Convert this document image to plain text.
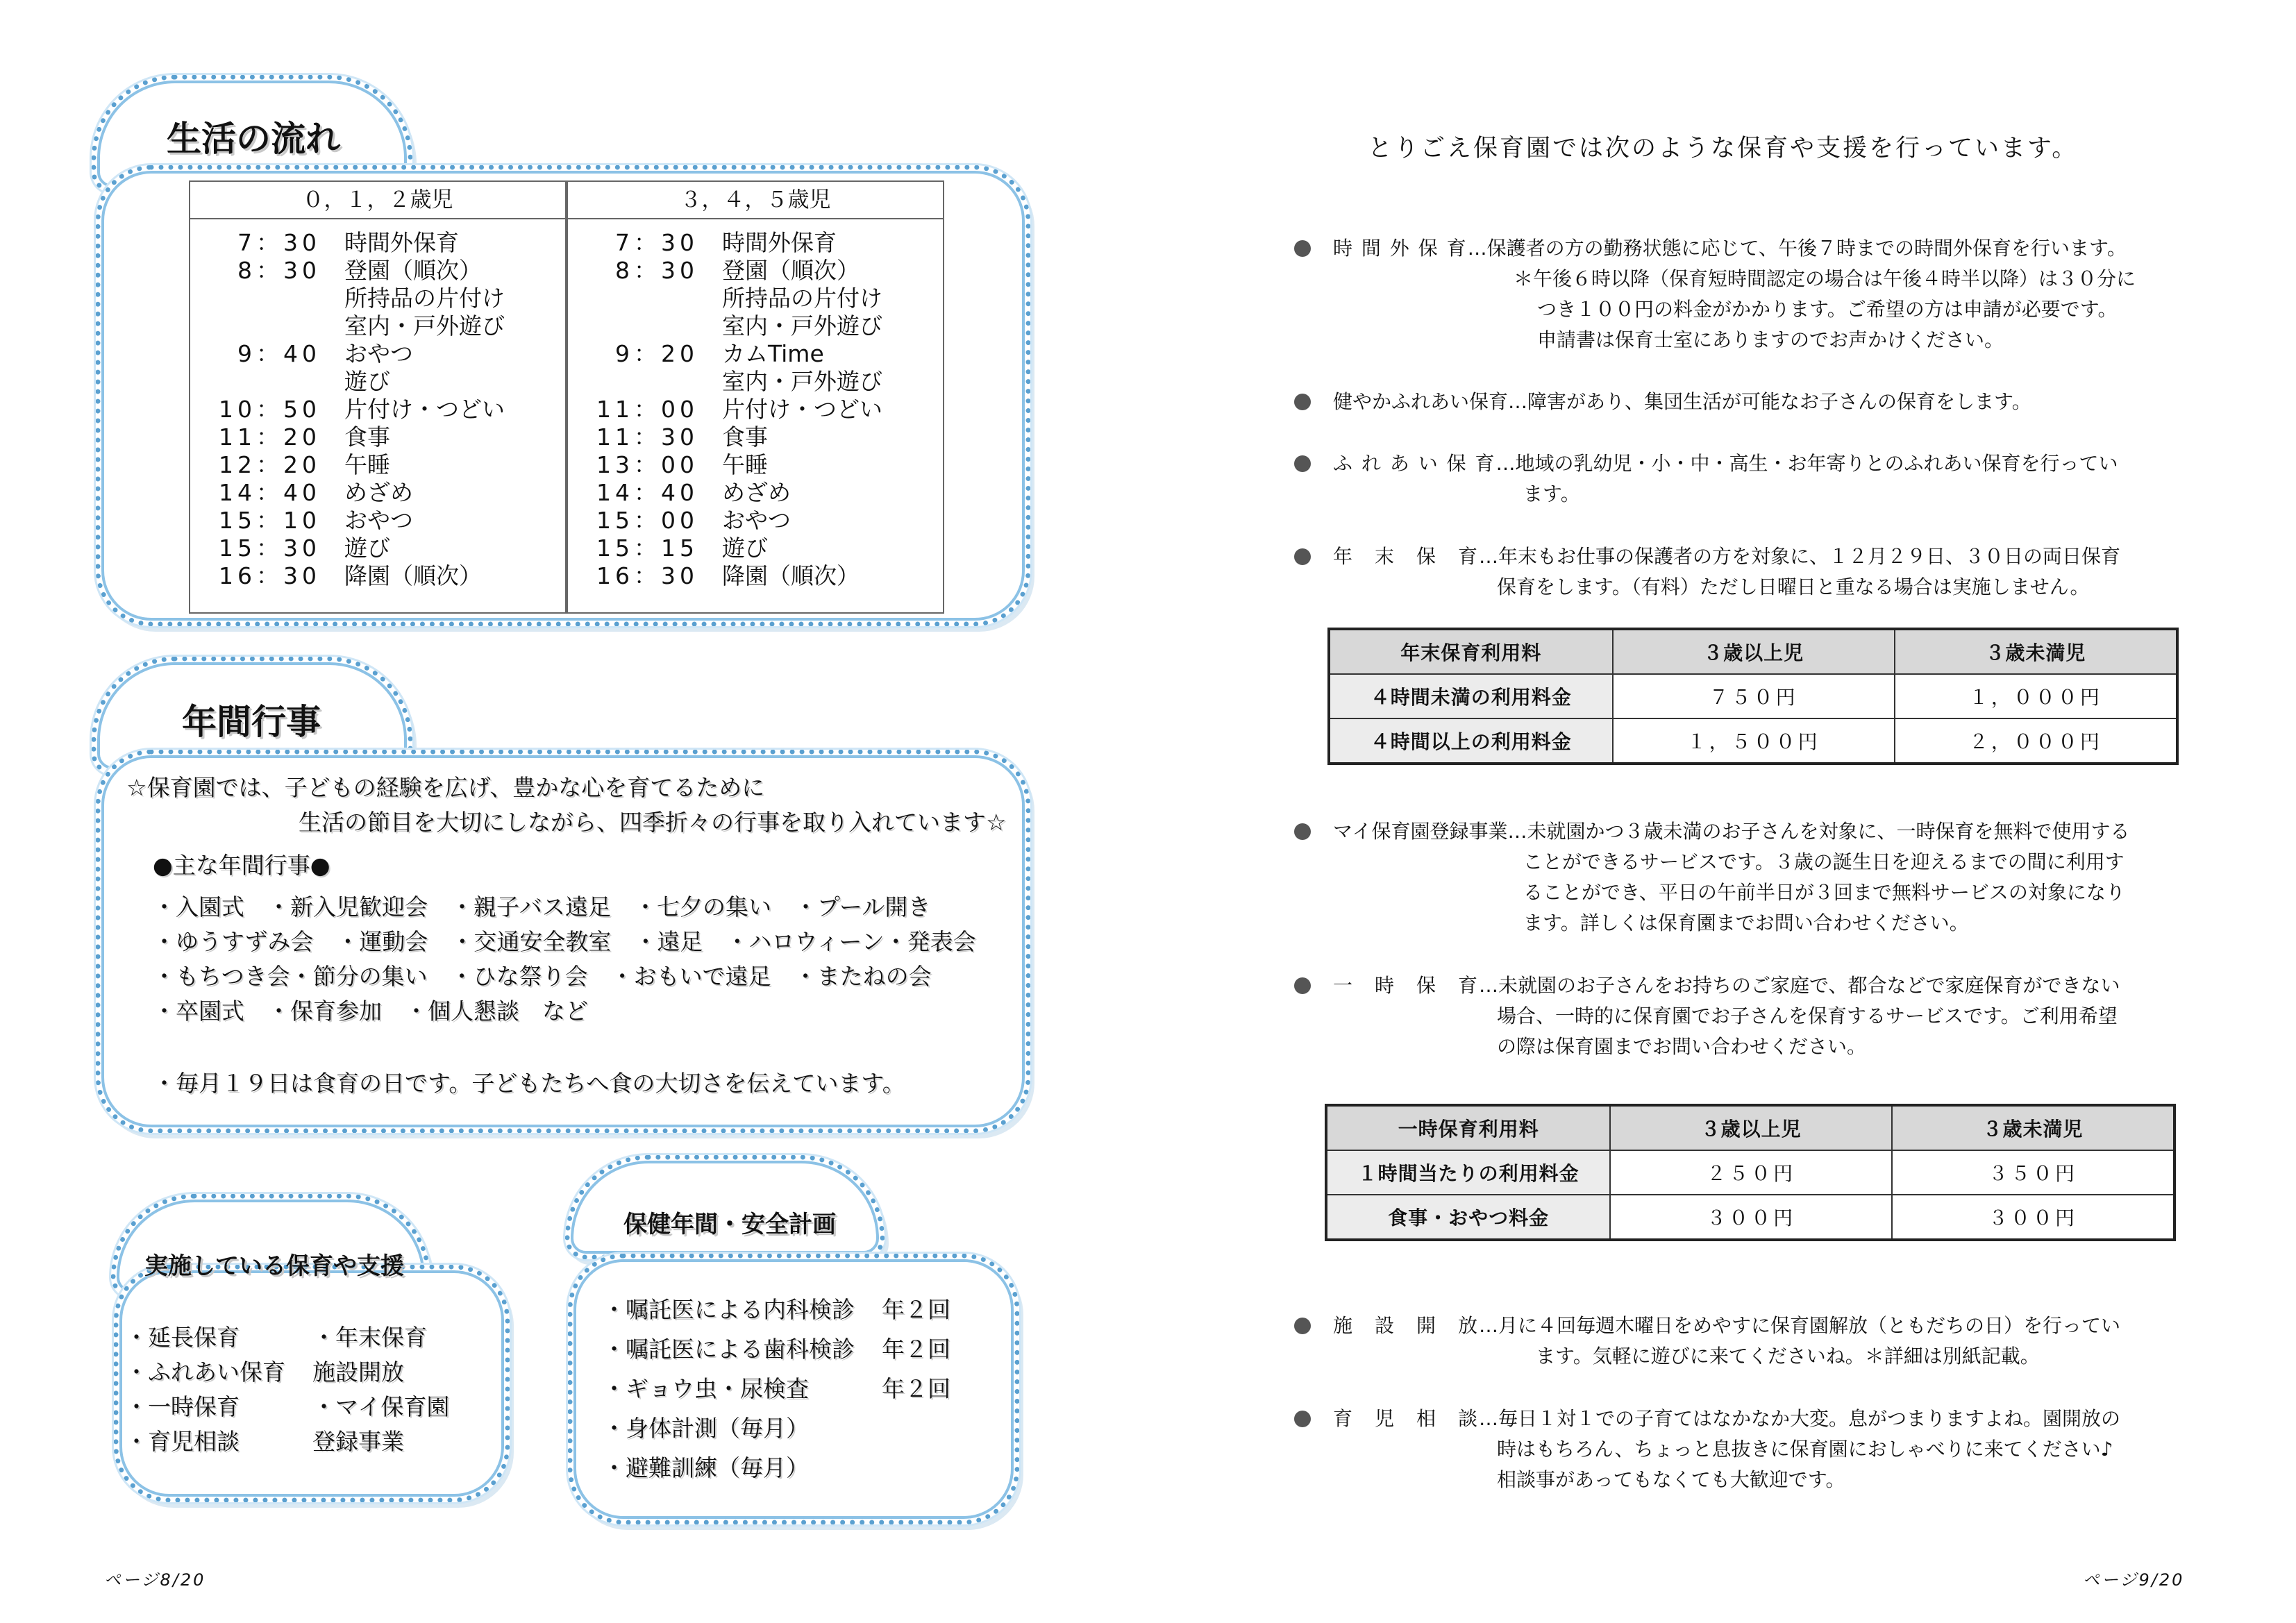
生活の流れ
０，１，２歳児
7：30	時間外保育
8：30	登園（順次）
所持品の片付け
室内・戸外遊び
9：40	おやつ
遊び
10：50	片付け・つどい
11：20	食事
12：20	午睡
14：40	めざめ
15：10	おやつ
15：30	遊び
16：30	降園（順次）
３，４，５歳児
7：30	時間外保育
8：30	登園（順次）
所持品の片付け
室内・戸外遊び
9：20	カムTime
室内・戸外遊び
11：00	片付け・つどい
11：30	食事
13：00	午睡
14：40	めざめ
15：00	おやつ
15：15	遊び
16：30	降園（順次）
年間行事
☆保育園では、子どもの経験を広げ、豊かな心を育てるために
生活の節目を大切にしながら、四季折々の行事を取り入れています☆
●主な年間行事●
・入園式　・新入児歓迎会　・親子バス遠足　・七夕の集い　・プール開き
・ゆうすずみ会　・運動会　・交通安全教室　・遠足　・ハロウィーン・発表会
・もちつき会・節分の集い　・ひな祭り会　・おもいで遠足　・またねの会
・卒園式　・保育参加　・個人懇談　など
・毎月１９日は食育の日です。子どもたちへ食の大切さを伝えています。
実施している保育や支援
・延長保育
・ふれあい保育
・一時保育
・育児相談
・年末保育
施設開放
・マイ保育園
登録事業
保健年間・安全計画
・嘱託医による内科検診	年２回
・嘱託医による歯科検診	年２回
・ギョウ虫・尿検査	年２回
・身体計測（毎月）
・避難訓練（毎月）
ページ8/20
とりごえ保育園では次のような保育や支援を行っています。
時 間 外 保 育…保護者の方の勤務状態に応じて、午後７時までの時間外保育を行います。
＊午後６時以降（保育短時間認定の場合は午後４時半以降）は３０分に
つき１００円の料金がかかります。ご希望の方は申請が必要です。
申請書は保育士室にありますのでお声かけください。
健やかふれあい保育…障害があり、集団生活が可能なお子さんの保育をします。
ふ れ あ い 保 育…地域の乳幼児・小・中・高生・お年寄りとのふれあい保育を行ってい
ます。
年　末　保　育…年末もお仕事の保護者の方を対象に、１２月２９日、３０日の両日保育
保育をします。（有料）ただし日曜日と重なる場合は実施しません。
年末保育利用料	３歳以上児	３歳未満児
４時間未満の利用料金	７５０円	１，０００円
４時間以上の利用料金	１，５００円	２，０００円
マイ保育園登録事業…未就園かつ３歳未満のお子さんを対象に、一時保育を無料で使用する
ことができるサービスです。３歳の誕生日を迎えるまでの間に利用す
ることができ、平日の午前半日が３回まで無料サービスの対象になり
ます。詳しくは保育園までお問い合わせください。
一　時　保　育…未就園のお子さんをお持ちのご家庭で、都合などで家庭保育ができない
場合、一時的に保育園でお子さんを保育するサービスです。ご利用希望
の際は保育園までお問い合わせください。
一時保育利用料	３歳以上児	３歳未満児
１時間当たりの利用料金	２５０円	３５０円
食事・おやつ料金	３００円	３００円
施　設　開　放…月に４回毎週木曜日をめやすに保育園解放（ともだちの日）を行ってい
ます。気軽に遊びに来てくださいね。＊詳細は別紙記載。
育　児　相　談…毎日１対１での子育てはなかなか大変。息がつまりますよね。園開放の
時はもちろん、ちょっと息抜きに保育園におしゃべりに来てください♪
相談事があってもなくても大歓迎です。
ページ9/20
